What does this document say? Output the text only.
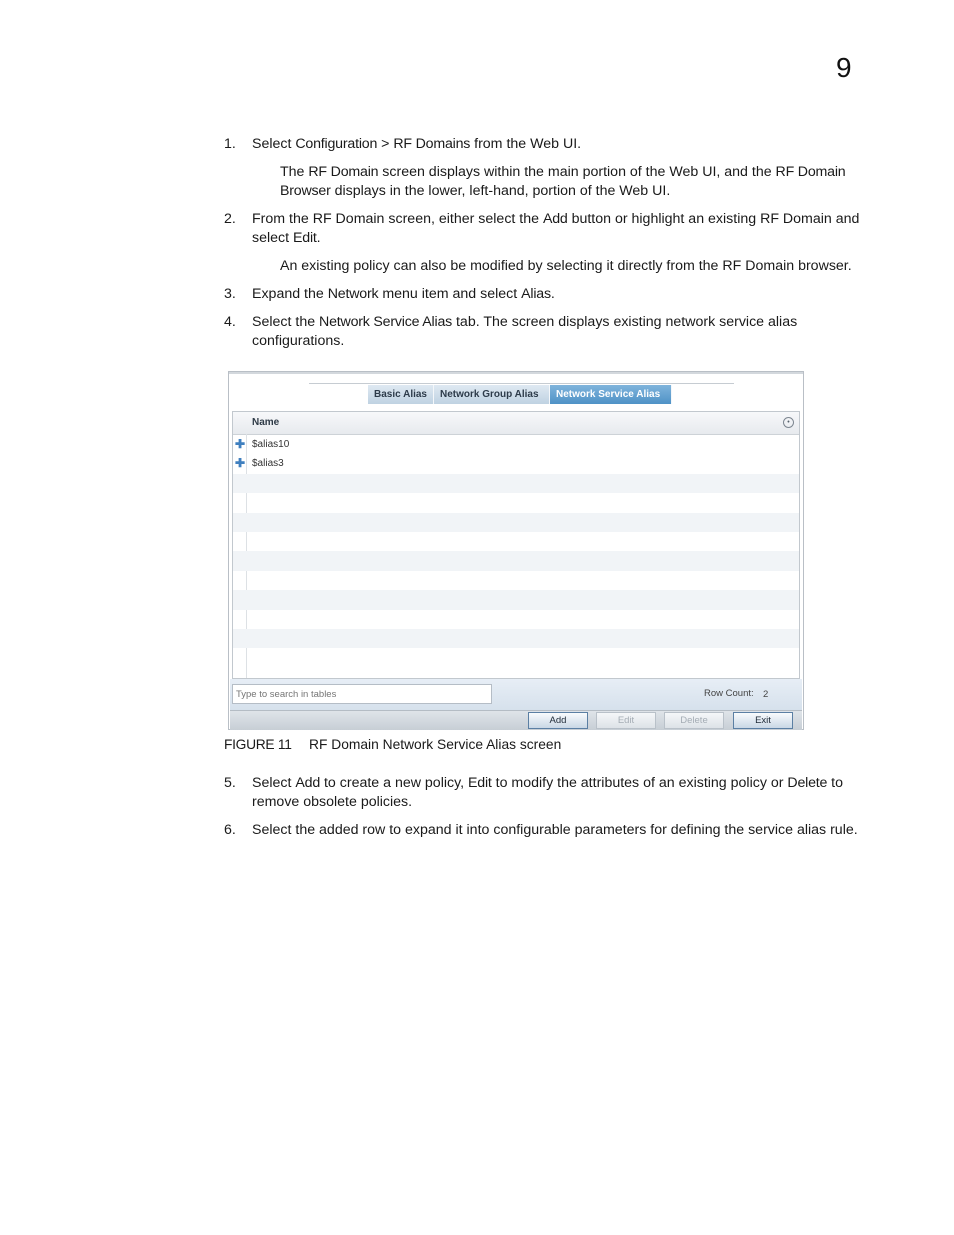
9
1. Select Configuration > RF Domains from the Web UI.
The RF Domain screen displays within the main portion of the Web UI, and the RF Domain Browser displays in the lower, left-hand, portion of the Web UI.
2. From the RF Domain screen, either select the Add button or highlight an existing RF Domain and select Edit.
An existing policy can also be modified by selecting it directly from the RF Domain browser.
3. Expand the Network menu item and select Alias.
4. Select the Network Service Alias tab. The screen displays existing network service alias configurations.
Basic Alias	Network Group Alias	Network Service Alias
Name	•
✚ $alias10
✚ $alias3
Type to search in tables
Row Count: 2
Add	Edit	Delete	Exit
FIGURE 11 RF Domain Network Service Alias screen
5. Select Add to create a new policy, Edit to modify the attributes of an existing policy or Delete to remove obsolete policies.
6. Select the added row to expand it into configurable parameters for defining the service alias rule.
